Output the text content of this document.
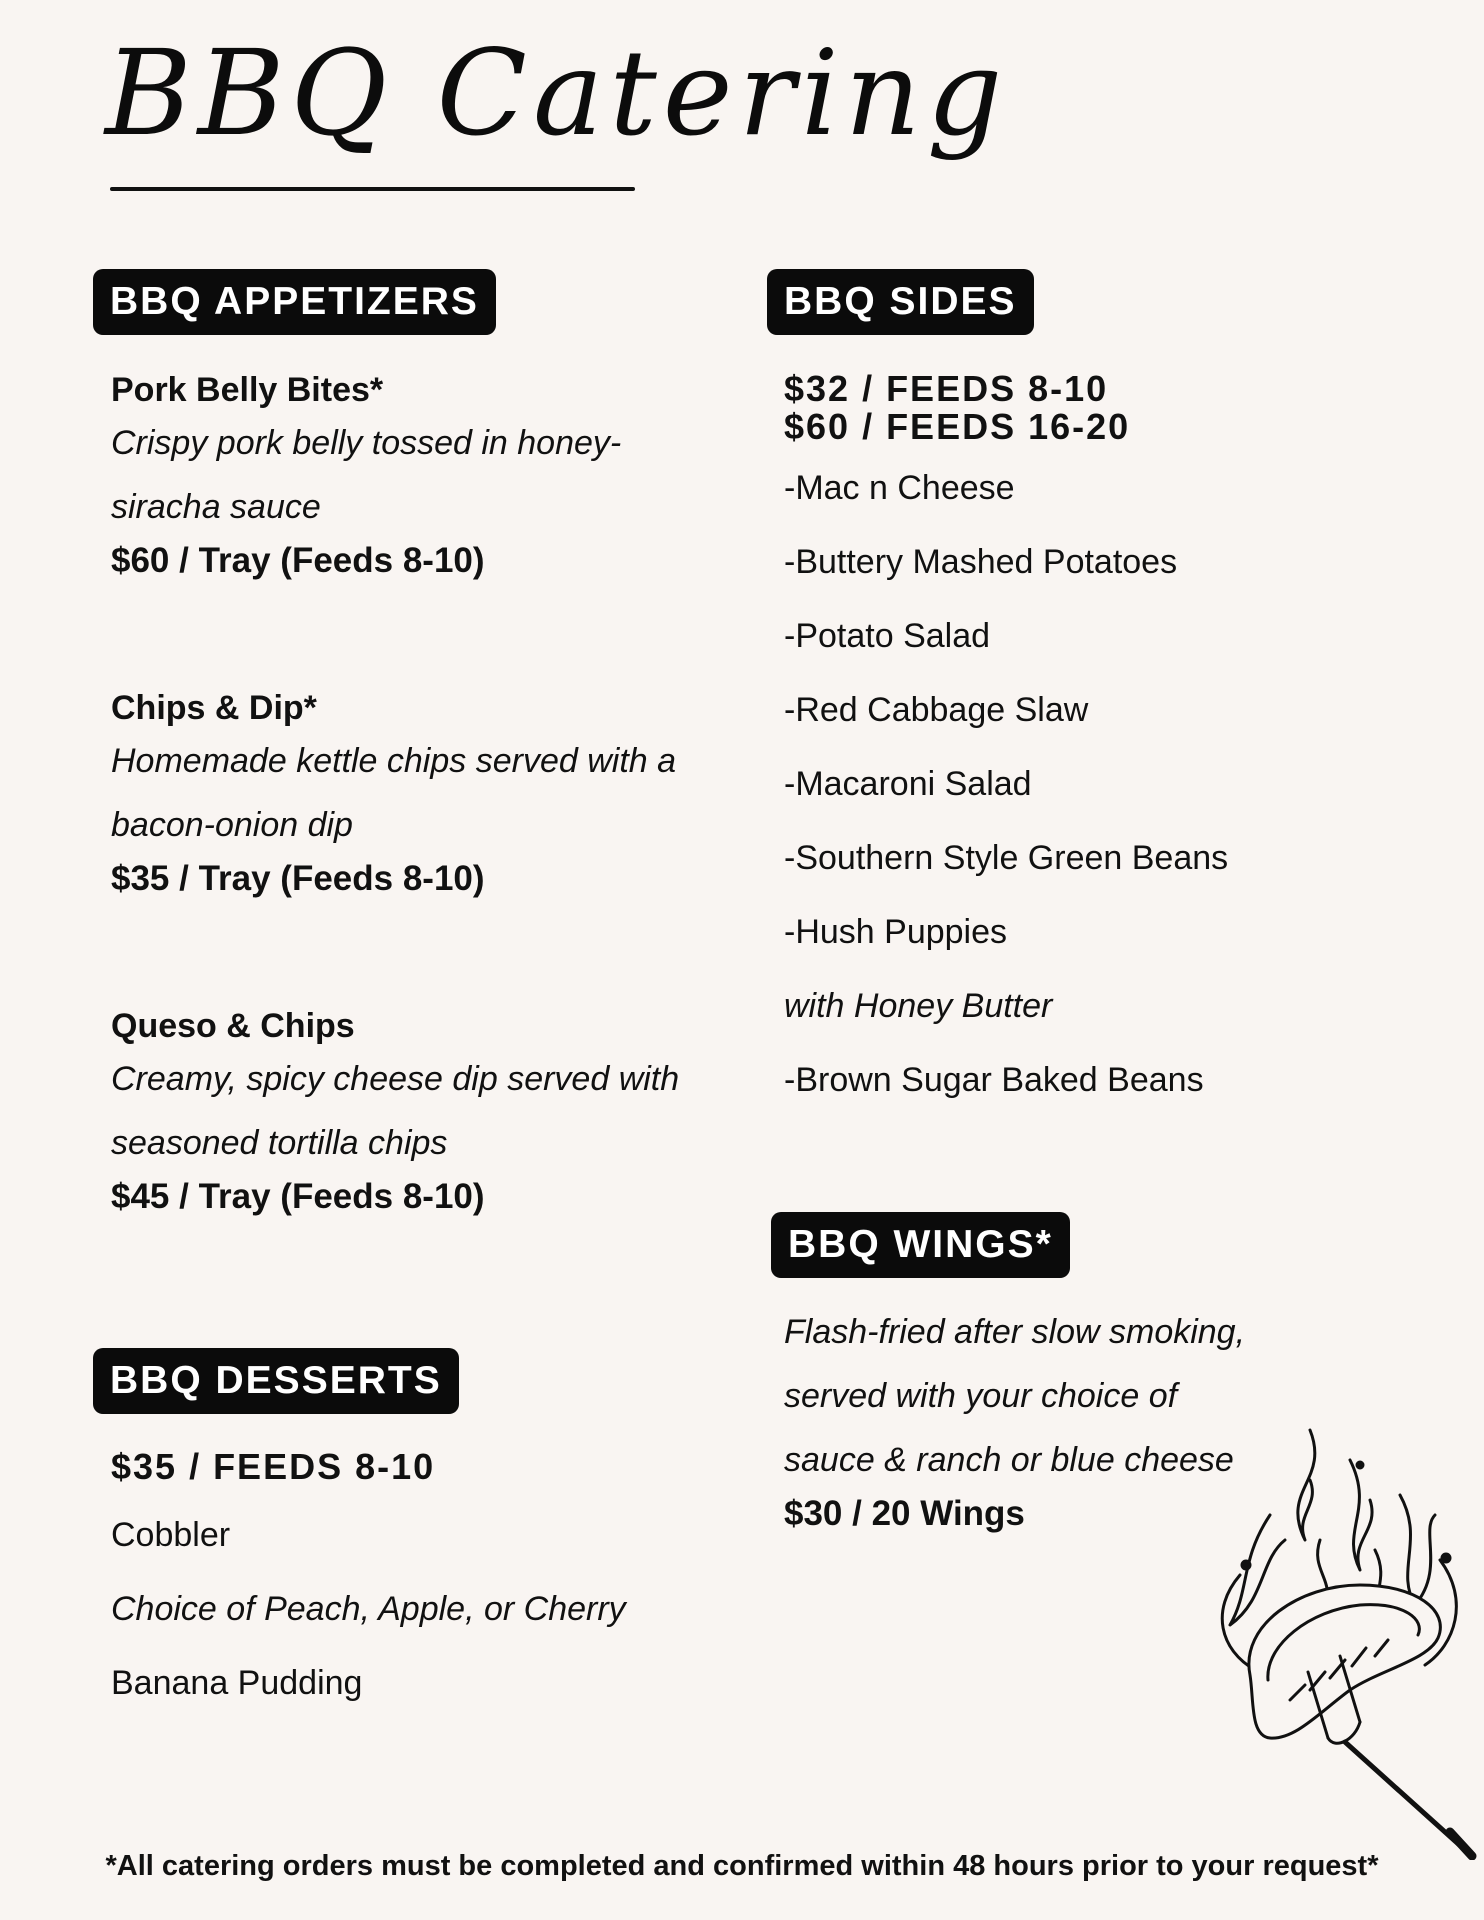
BBQ Catering
BBQ APPETIZERS
Pork Belly Bites*
Crispy pork belly tossed in honey-
siracha sauce
$60 / Tray (Feeds 8-10)
Chips & Dip*
Homemade kettle chips served with a
bacon-onion dip
$35 / Tray (Feeds 8-10)
Queso & Chips
Creamy, spicy cheese dip served with
seasoned tortilla chips
$45 / Tray (Feeds 8-10)
BBQ DESSERTS
$35 / FEEDS 8-10
Cobbler
Choice of Peach, Apple, or Cherry
Banana Pudding
BBQ SIDES
$32 / FEEDS 8-10
$60 / FEEDS 16-20
-Mac n Cheese
-Buttery Mashed Potatoes
-Potato Salad
-Red Cabbage Slaw
-Macaroni Salad
-Southern Style Green Beans
-Hush Puppies
with Honey Butter
-Brown Sugar Baked Beans
BBQ WINGS*
Flash-fried after slow smoking,
served with your choice of
sauce & ranch or blue cheese
$30 / 20 Wings
*All catering orders must be completed and confirmed within 48 hours prior to your request*
